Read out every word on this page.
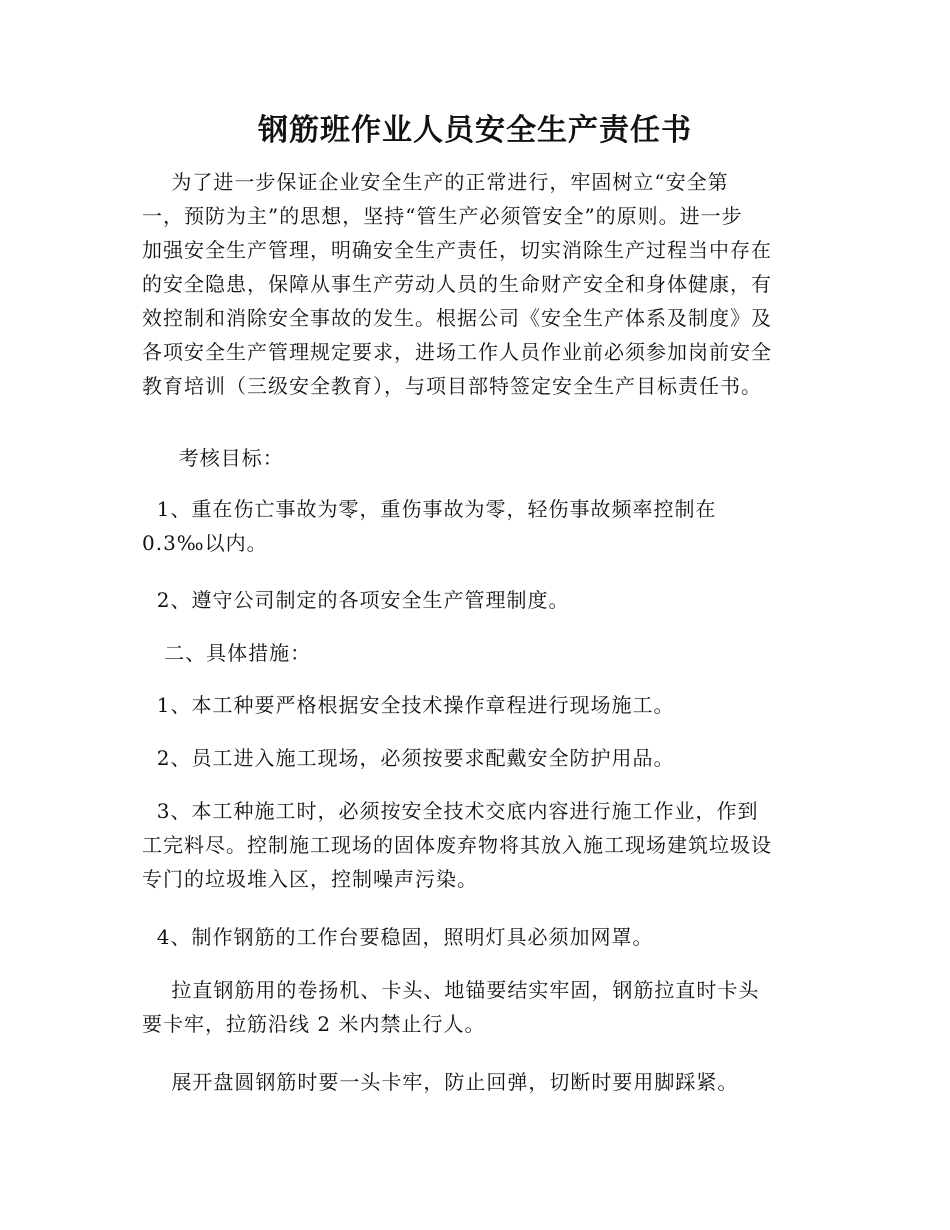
钢筋班作业人员安全生产责任书

为了进一步保证企业安全生产的正常进行，牢固树立“安全第
一，预防为主”的思想，坚持“管生产必须管安全”的原则。进一步
加强安全生产管理，明确安全生产责任，切实消除生产过程当中存在
的安全隐患，保障从事生产劳动人员的生命财产安全和身体健康，有
效控制和消除安全事故的发生。根据公司《安全生产体系及制度》及
各项安全生产管理规定要求，进场工作人员作业前必须参加岗前安全
教育培训（三级安全教育），与项目部特签定安全生产目标责任书。

考核目标：

1、重在伤亡事故为零，重伤事故为零，轻伤事故频率控制在
0.3‰以内。

2、遵守公司制定的各项安全生产管理制度。

二、具体措施：

1、本工种要严格根据安全技术操作章程进行现场施工。

2、员工进入施工现场，必须按要求配戴安全防护用品。

3、本工种施工时，必须按安全技术交底内容进行施工作业，作到
工完料尽。控制施工现场的固体废弃物将其放入施工现场建筑垃圾设
专门的垃圾堆入区，控制噪声污染。

4、制作钢筋的工作台要稳固，照明灯具必须加网罩。

拉直钢筋用的卷扬机、卡头、地锚要结实牢固，钢筋拉直时卡头
要卡牢，拉筋沿线 2 米内禁止行人。

展开盘圆钢筋时要一头卡牢，防止回弹，切断时要用脚踩紧。
